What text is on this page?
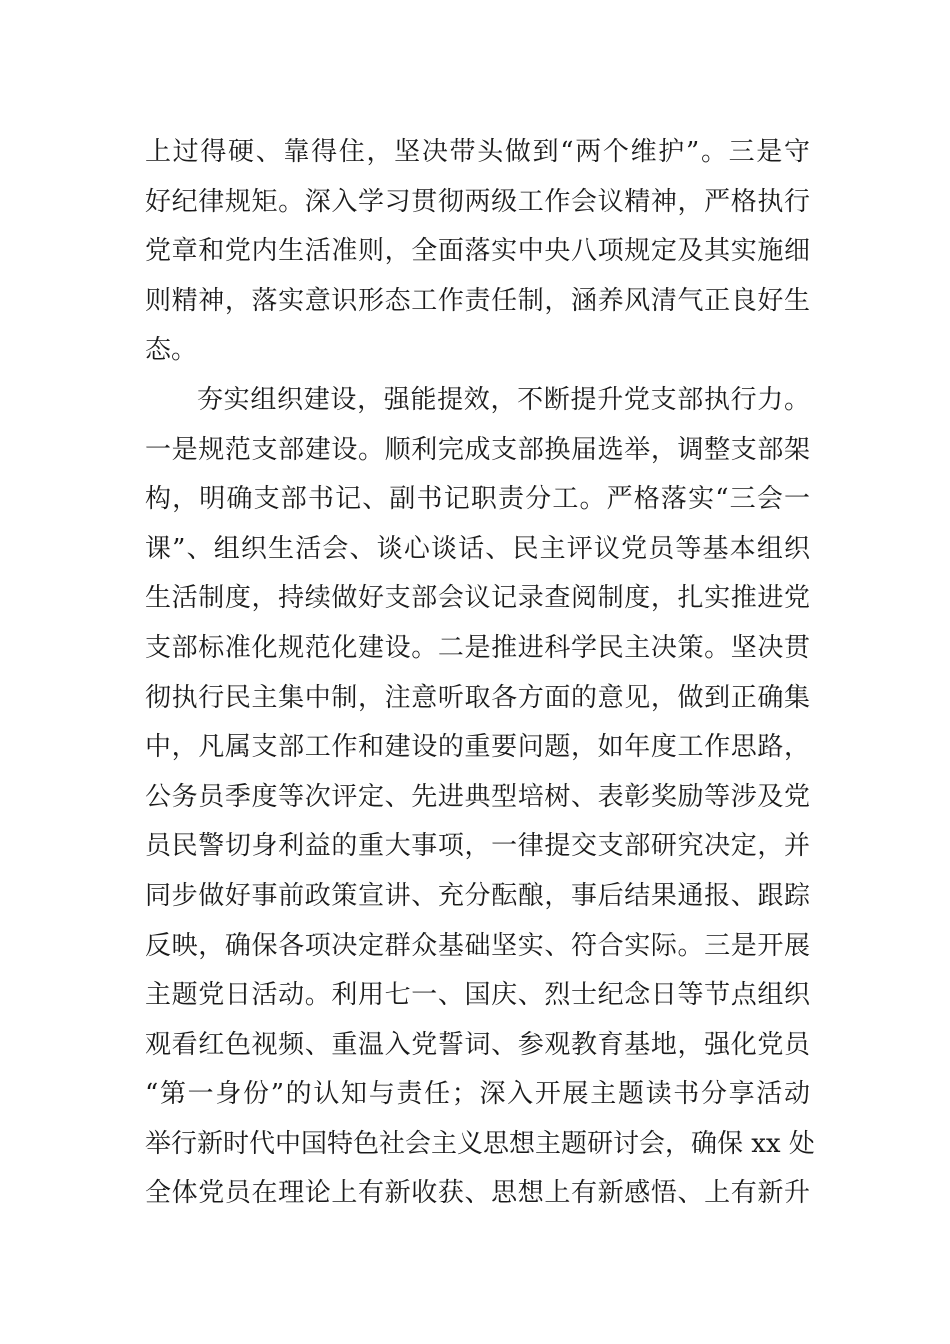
上过得硬、靠得住，坚决带头做到“两个维护”。三是守
好纪律规矩。深入学习贯彻两级工作会议精神，严格执行
党章和党内生活准则，全面落实中央八项规定及其实施细
则精神，落实意识形态工作责任制，涵养风清气正良好生
态。
夯实组织建设，强能提效，不断提升党支部执行力。
一是规范支部建设。顺利完成支部换届选举，调整支部架
构，明确支部书记、副书记职责分工。严格落实“三会一
课”、组织生活会、谈心谈话、民主评议党员等基本组织
生活制度，持续做好支部会议记录查阅制度，扎实推进党
支部标准化规范化建设。二是推进科学民主决策。坚决贯
彻执行民主集中制，注意听取各方面的意见，做到正确集
中，凡属支部工作和建设的重要问题，如年度工作思路，
公务员季度等次评定、先进典型培树、表彰奖励等涉及党
员民警切身利益的重大事项，一律提交支部研究决定，并
同步做好事前政策宣讲、充分酝酿，事后结果通报、跟踪
反映，确保各项决定群众基础坚实、符合实际。三是开展
主题党日活动。利用七一、国庆、烈士纪念日等节点组织
观看红色视频、重温入党誓词、参观教育基地，强化党员
“第一身份”的认知与责任；深入开展主题读书分享活动
举行新时代中国特色社会主义思想主题研讨会，确保 xx 处
全体党员在理论上有新收获、思想上有新感悟、上有新升
